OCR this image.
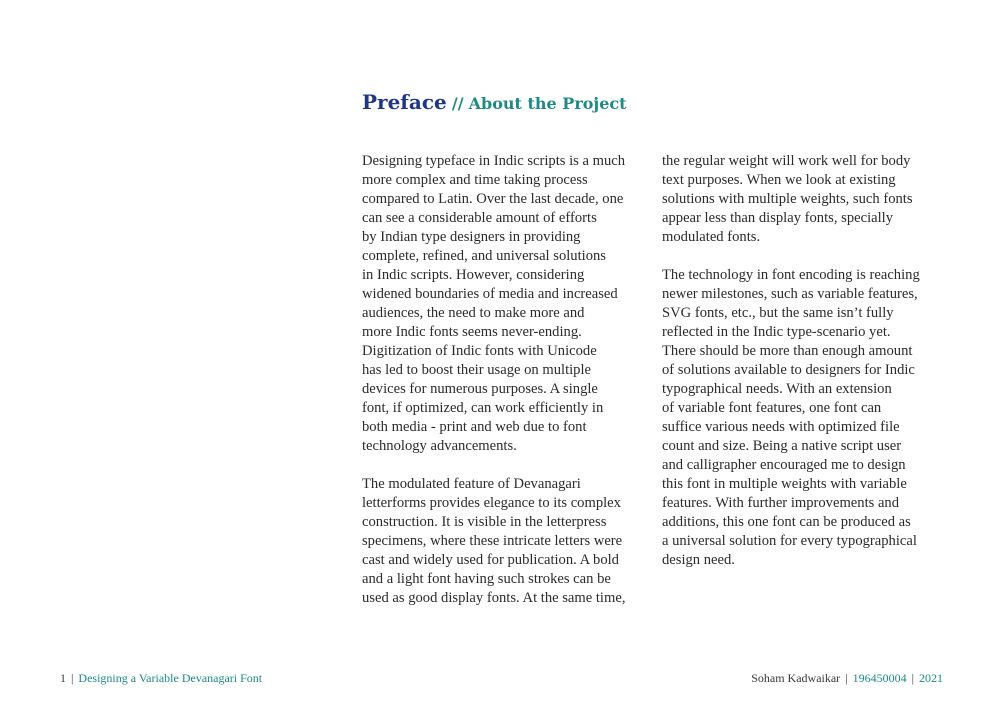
Preface // About the Project
Designing typeface in Indic scripts is a much
more complex and time taking process
compared to Latin. Over the last decade, one
can see a considerable amount of efforts
by Indian type designers in providing
complete, refined, and universal solutions
in Indic scripts. However, considering
widened boundaries of media and increased
audiences, the need to make more and
more Indic fonts seems never-ending.
Digitization of Indic fonts with Unicode
has led to boost their usage on multiple
devices for numerous purposes. A single
font, if optimized, can work efficiently in
both media - print and web due to font
technology advancements.
The modulated feature of Devanagari
letterforms provides elegance to its complex
construction. It is visible in the letterpress
specimens, where these intricate letters were
cast and widely used for publication. A bold
and a light font having such strokes can be
used as good display fonts. At the same time,
the regular weight will work well for body
text purposes. When we look at existing
solutions with multiple weights, such fonts
appear less than display fonts, specially
modulated fonts.
The technology in font encoding is reaching
newer milestones, such as variable features,
SVG fonts, etc., but the same isn’t fully
reflected in the Indic type-scenario yet.
There should be more than enough amount
of solutions available to designers for Indic
typographical needs. With an extension
of variable font features, one font can
suffice various needs with optimized file
count and size. Being a native script user
and calligrapher encouraged me to design
this font in multiple weights with variable
features. With further improvements and
additions, this one font can be produced as
a universal solution for every typographical
design need.
1 | Designing a Variable Devanagari Font	Soham Kadwaikar | 196450004 | 2021
